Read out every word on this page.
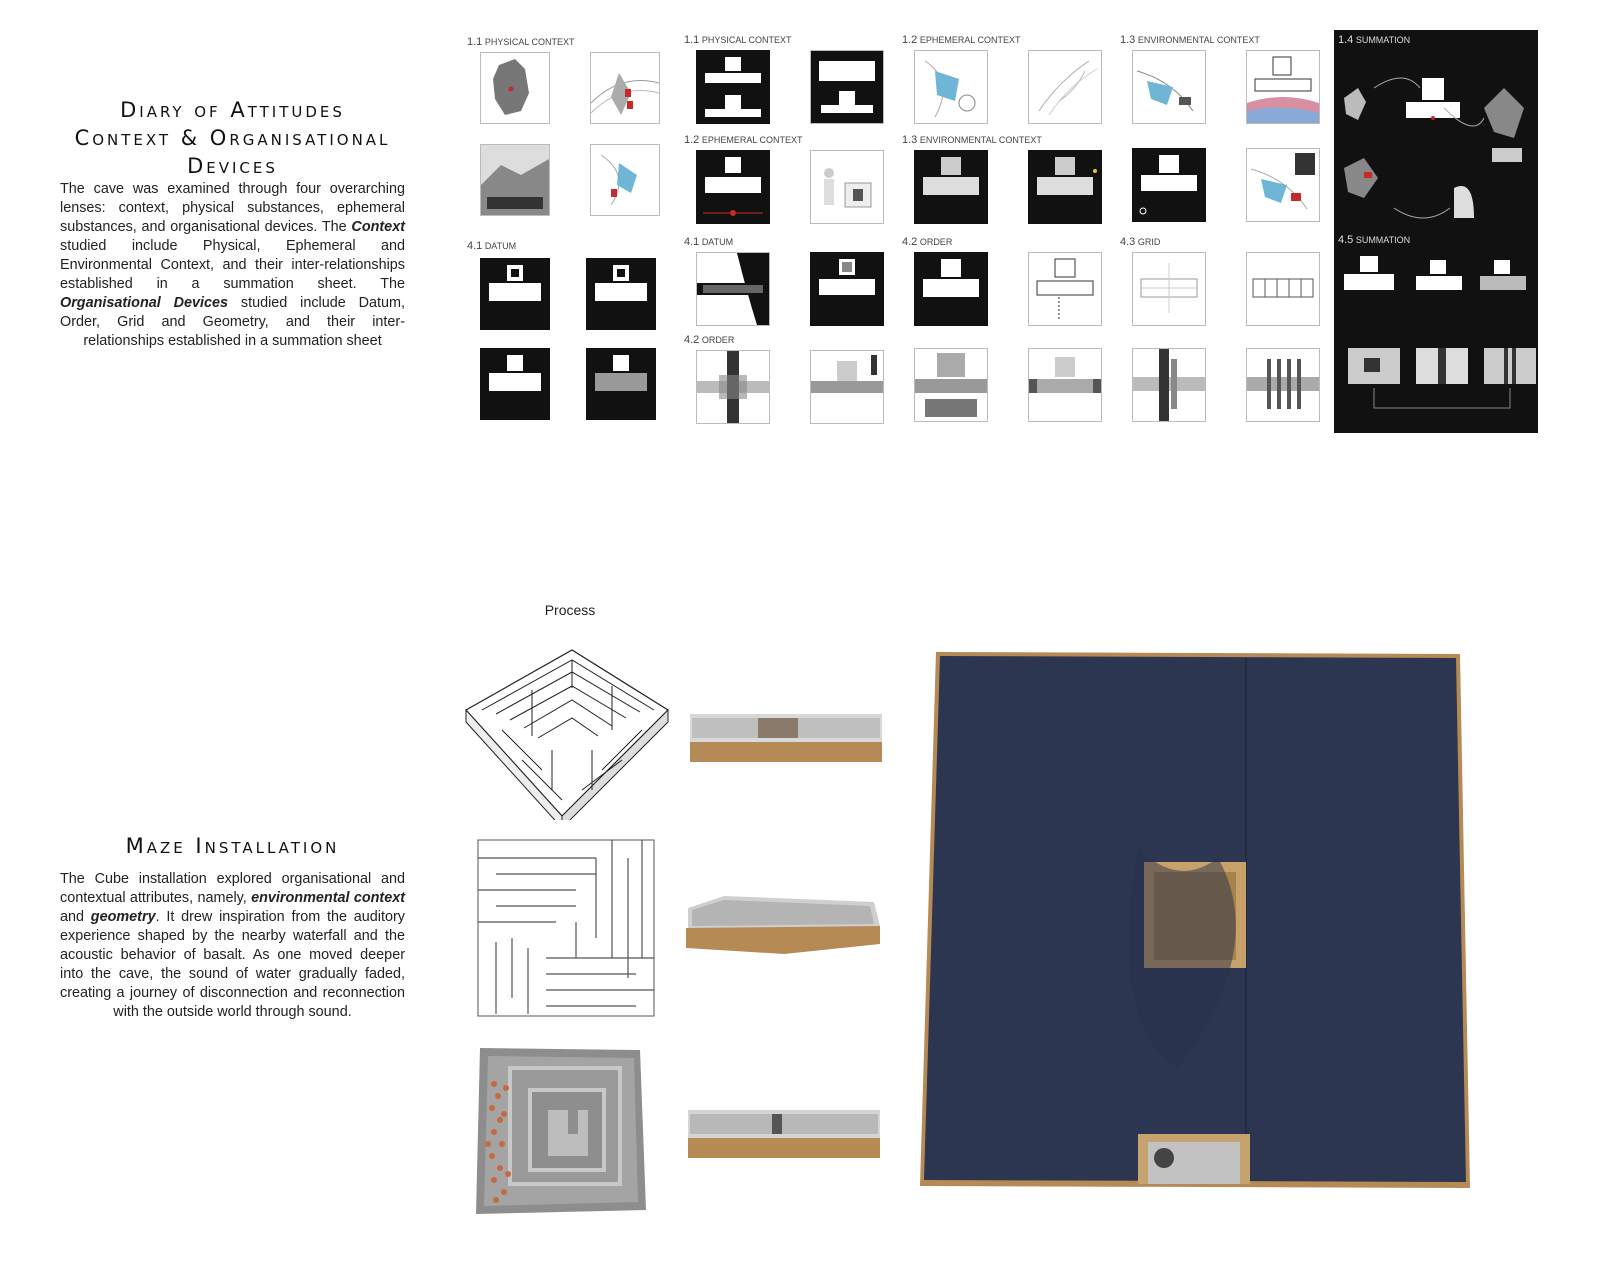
Diary of Attitudes
Context & Organisational
Devices
The cave was examined through four overarching lenses: context, physical substances, ephemeral substances, and organisational devices. The Context studied include Physical, Ephemeral and Environmental Context, and their inter-relationships established in a summation sheet. The Organisational Devices studied include Datum, Order, Grid and Geometry, and their inter-relationships established in a summation sheet
Maze Installation
The Cube installation explored organisational and contextual attributes, namely, environmental context and geometry. It drew inspiration from the auditory experience shaped by the nearby waterfall and the acoustic behavior of basalt. As one moved deeper into the cave, the sound of water gradually faded, creating a journey of disconnection and reconnection with the outside world through sound.
Process
1.1 PHYSICAL CONTEXT
4.1 DATUM
1.1 PHYSICAL CONTEXT
1.2 EPHEMERAL CONTEXT
4.1 DATUM
4.2 ORDER
1.2 EPHEMERAL CONTEXT
1.3 ENVIRONMENTAL CONTEXT
4.2 ORDER
1.3 ENVIRONMENTAL CONTEXT
4.3 GRID
1.4 SUMMATION
4.5 SUMMATION
